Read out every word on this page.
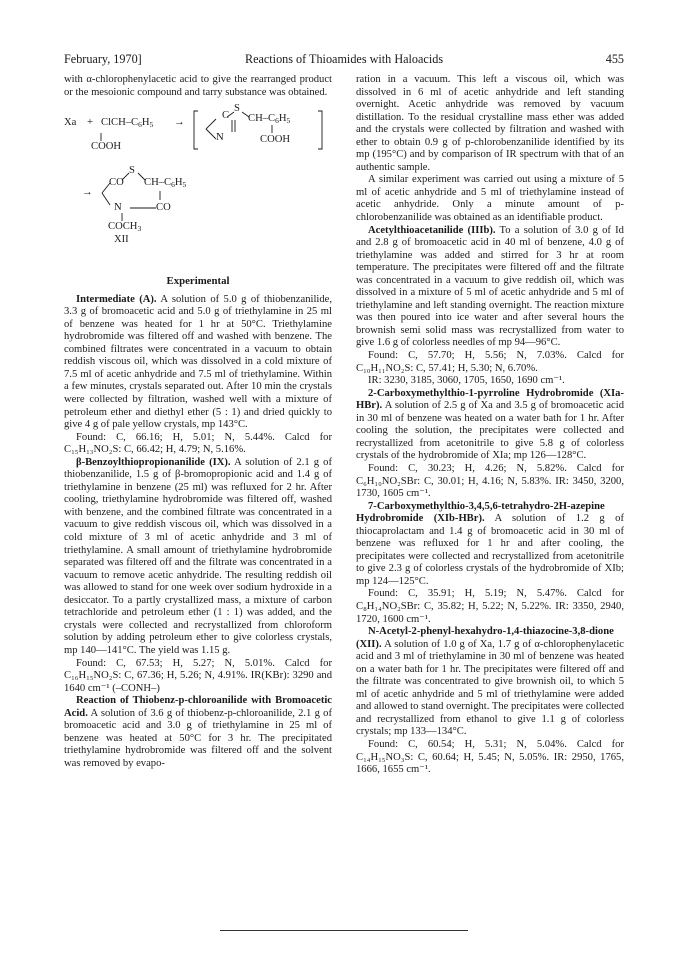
February, 1970]	Reactions of Thioamides with Haloacids	455

with α-chlorophenylacetic acid to give the rearranged product or the mesoionic compound and tarry substance was obtained.

Xa + ClCH–$C_6H_5$
COOH
→
S
C $CH-C_6H_5$
N	COOH
→
S
CO $CH-C_6H_5$
N	CO
$COCH_3$
XII
Experimental

Intermediate (A). A solution of 5.0 g of thiobenzanilide, 3.3 g of bromoacetic acid and 5.0 g of triethylamine in 25 ml of benzene was heated for 1 hr at 50°C. Triethylamine hydrobromide was filtered off and washed with benzene. The combined filtrates were concentrated in a vacuum to obtain reddish viscous oil, which was dissolved in a cold mixture of 7.5 ml of acetic anhydride and 7.5 ml of triethylamine. Within a few minutes, crystals separated out. After 10 min the crystals were collected by filtration, washed well with a mixture of petroleum ether and diethyl ether (5 : 1) and dried quickly to give 4 g of pale yellow crystals, mp 143°C.

Found: C, 66.16; H, 5.01; N, 5.44%. Calcd for C₁₅H₁₃NO₂S: C, 66.42; H, 4.79; N, 5.16%.

β-Benzoylthiopropionanilide (IX). A solution of 2.1 g of thiobenzanilide, 1.5 g of β-bromopropionic acid and 1.4 g of triethylamine in benzene (25 ml) was refluxed for 2 hr. After cooling, triethylamine hydrobromide was filtered off, washed with benzene, and the combined filtrate was concentrated in a vacuum to give reddish viscous oil, which was dissolved in a cold mixture of 3 ml of acetic anhydride and 3 ml of triethylamine. A small amount of triethylamine hydrobromide separated was filtered off and the filtrate was concentrated in a vacuum to remove acetic anhydride. The resulting reddish oil was allowed to stand for one week over sodium hydroxide in a desiccator. To a partly crystallized mass, a mixture of carbon tetrachloride and petroleum ether (1 : 1) was added, and the crystals were collected and recrystallized from chloroform solution by adding petroleum ether to give colorless crystals, mp 140—141°C. The yield was 1.15 g.

Found: C, 67.53; H, 5.27; N, 5.01%. Calcd for C₁₆H₁₅NO₂S: C, 67.36; H, 5.26; N, 4.91%. IR(KBr): 3290 and 1640 cm⁻¹ (–CONH–)

Reaction of Thiobenz-p-chloroanilide with Bromoacetic Acid. A solution of 3.6 g of thiobenz-p-chloroanilide, 2.1 g of bromoacetic acid and 3.0 g of triethylamine in 25 ml of benzene was heated at 50°C for 3 hr. The precipitated triethylamine hydrobromide was filtered off and the solvent was removed by evapo-

ration in a vacuum. This left a viscous oil, which was dissolved in 6 ml of acetic anhydride and left standing overnight. Acetic anhydride was removed by vacuum distillation. To the residual crystalline mass ether was added and the crystals were collected by filtration and washed with ether to obtain 0.9 g of p-chlorobenzanilide identified by its mp (195°C) and by comparison of IR spectrum with that of an authentic sample.

A similar experiment was carried out using a mixture of 5 ml of acetic anhydride and 5 ml of triethylamine instead of acetic anhydride. Only a minute amount of p-chlorobenzanilide was obtained as an identifiable product.

Acetylthioacetanilide (IIIb). To a solution of 3.0 g of Id and 2.8 g of bromoacetic acid in 40 ml of benzene, 4.0 g of triethylamine was added and stirred for 3 hr at room temperature. The precipitates were filtered off and the filtrate was concentrated in a vacuum to give reddish oil, which was dissolved in a mixture of 5 ml of acetic anhydride and 5 ml of triethylamine and left standing overnight. The reaction mixture was then poured into ice water and after several hours the brownish semi solid mass was recrystallized from water to give 1.6 g of colorless needles of mp 94—96°C.

Found: C, 57.70; H, 5.56; N, 7.03%. Calcd for C₁₀H₁₁NO₂S: C, 57.41; H, 5.30; N, 6.70%.

IR: 3230, 3185, 3060, 1705, 1650, 1690 cm⁻¹.

2-Carboxymethylthio-1-pyrroline Hydrobromide (XIa-HBr). A solution of 2.5 g of Xa and 3.5 g of bromoacetic acid in 30 ml of benzene was heated on a water bath for 1 hr. After cooling the solution, the precipitates were collected and recrystallized from acetonitrile to give 5.8 g of colorless crystals of the hydrobromide of XIa; mp 126—128°C.

Found: C, 30.23; H, 4.26; N, 5.82%. Calcd for C₆H₁₀NO₂SBr: C, 30.01; H, 4.16; N, 5.83%. IR: 3450, 3200, 1730, 1605 cm⁻¹.

7-Carboxymethylthio-3,4,5,6-tetrahydro-2H-azepine Hydrobromide (XIb-HBr). A solution of 1.2 g of thiocaprolactam and 1.4 g of bromoacetic acid in 30 ml of benzene was refluxed for 1 hr and after cooling, the precipitates were collected and recrystallized from acetonitrile to give 2.3 g of colorless crystals of the hydrobromide of XIb; mp 124—125°C.

Found: C, 35.91; H, 5.19; N, 5.47%. Calcd for C₈H₁₄NO₂SBr: C, 35.82; H, 5.22; N, 5.22%. IR: 3350, 2940, 1720, 1600 cm⁻¹.

N-Acetyl-2-phenyl-hexahydro-1,4-thiazocine-3,8-dione (XII). A solution of 1.0 g of Xa, 1.7 g of α-chlorophenylacetic acid and 3 ml of triethylamine in 30 ml of benzene was heated on a water bath for 1 hr. The precipitates were filtered off and the filtrate was concentrated to give brownish oil, to which 5 ml of acetic anhydride and 5 ml of triethylamine were added and allowed to stand overnight. The precipitates were collected and recrystallized from ethanol to give 1.1 g of colorless crystals; mp 133—134°C.

Found: C, 60.54; H, 5.31; N, 5.04%. Calcd for C₁₄H₁₅NO₃S: C, 60.64; H, 5.45; N, 5.05%. IR: 2950, 1765, 1666, 1655 cm⁻¹.
